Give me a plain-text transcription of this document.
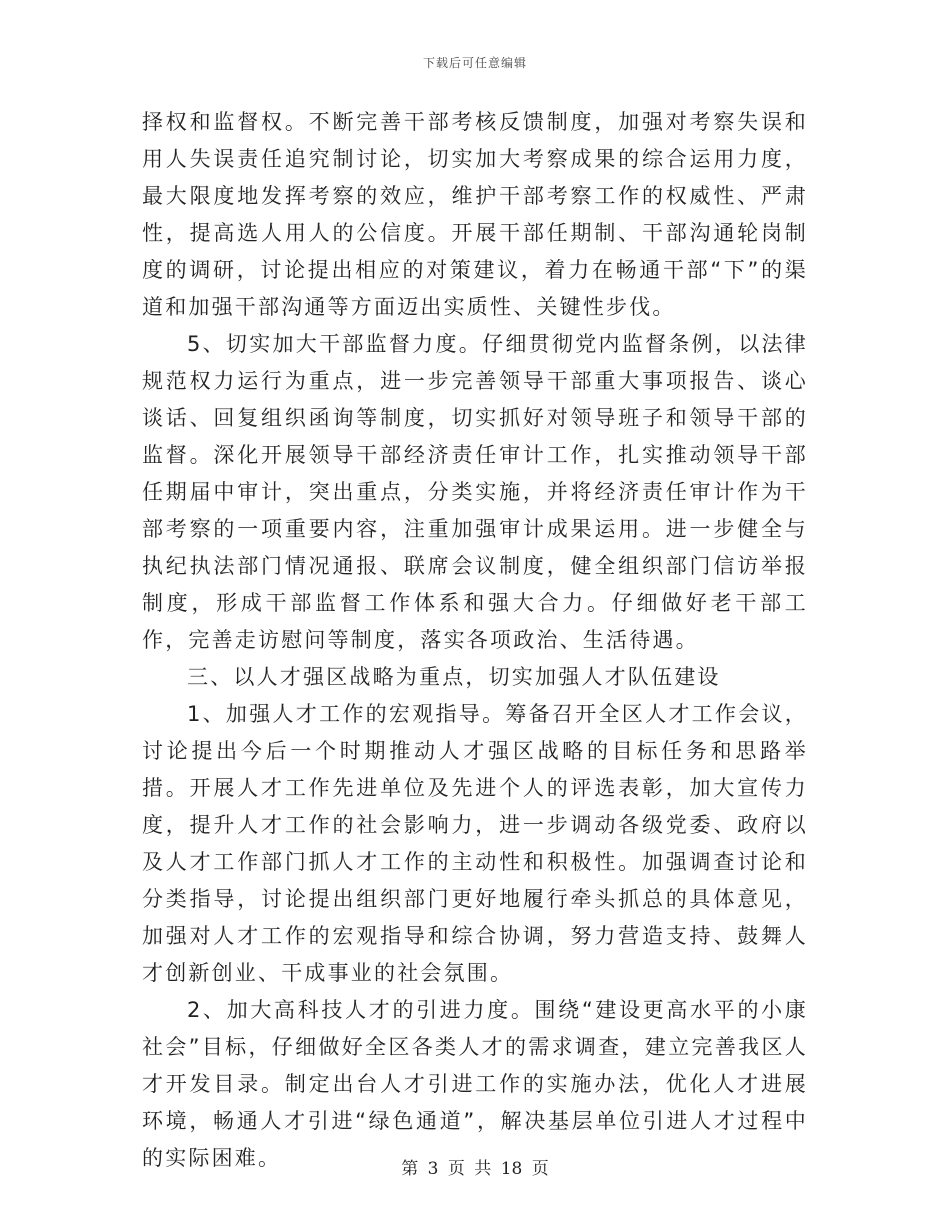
下载后可任意编辑

择权和监督权。不断完善干部考核反馈制度，加强对考察失误和用人失误责任追究制讨论，切实加大考察成果的综合运用力度，最大限度地发挥考察的效应，维护干部考察工作的权威性、严肃性，提高选人用人的公信度。开展干部任期制、干部沟通轮岗制度的调研，讨论提出相应的对策建议，着力在畅通干部“下”的渠道和加强干部沟通等方面迈出实质性、关键性步伐。

5、切实加大干部监督力度。仔细贯彻党内监督条例，以法律规范权力运行为重点，进一步完善领导干部重大事项报告、谈心谈话、回复组织函询等制度，切实抓好对领导班子和领导干部的监督。深化开展领导干部经济责任审计工作，扎实推动领导干部任期届中审计，突出重点，分类实施，并将经济责任审计作为干部考察的一项重要内容，注重加强审计成果运用。进一步健全与执纪执法部门情况通报、联席会议制度，健全组织部门信访举报制度，形成干部监督工作体系和强大合力。仔细做好老干部工作，完善走访慰问等制度，落实各项政治、生活待遇。

三、以人才强区战略为重点，切实加强人才队伍建设

1、加强人才工作的宏观指导。筹备召开全区人才工作会议，讨论提出今后一个时期推动人才强区战略的目标任务和思路举措。开展人才工作先进单位及先进个人的评选表彰，加大宣传力度，提升人才工作的社会影响力，进一步调动各级党委、政府以及人才工作部门抓人才工作的主动性和积极性。加强调查讨论和分类指导，讨论提出组织部门更好地履行牵头抓总的具体意见，加强对人才工作的宏观指导和综合协调，努力营造支持、鼓舞人才创新创业、干成事业的社会氛围。

2、加大高科技人才的引进力度。围绕“建设更高水平的小康社会”目标，仔细做好全区各类人才的需求调查，建立完善我区人才开发目录。制定出台人才引进工作的实施办法，优化人才进展环境，畅通人才引进“绿色通道”，解决基层单位引进人才过程中的实际困难。	第 3 页 共 18 页
